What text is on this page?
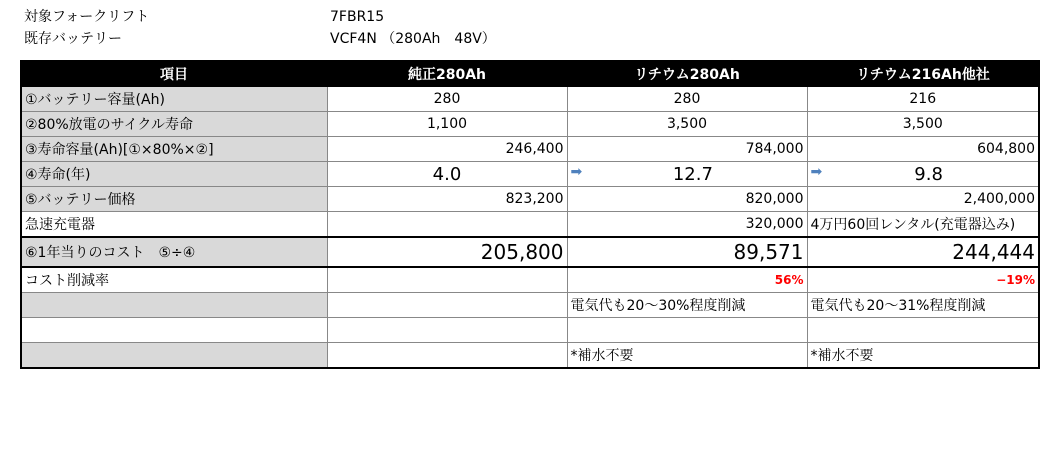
対象フォークリフト	7FBR15
既存バッテリー	VCF4N （280Ah　48V）
項目	純正280Ah	リチウム280Ah	リチウム216Ah他社
①バッテリー容量(Ah)	280	280	216
②80%放電のサイクル寿命	1,100	3,500	3,500
③寿命容量(Ah)[①×80%×②]	246,400	784,000	604,800
④寿命(年)	4.0	➡ 12.7	➡ 9.8
⑤バッテリー価格	823,200	820,000	2,400,000
急速充電器		320,000	4万円60回レンタル(充電器込み)
⑥1年当りのコスト　⑤÷④	205,800	89,571	244,444
コスト削減率		56%	−19%
		電気代も20～30%程度削減	電気代も20～31%程度削減

		*補水不要	*補水不要
